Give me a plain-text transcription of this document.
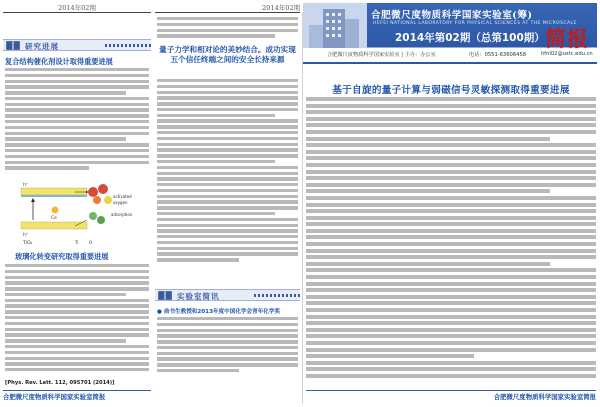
2014年02期
研究进展
复合结构催化剂设计取得重要进展
h⁺
h⁺
Ce
activated
oxygen
adsorption
TiO₂	Ti	O
玻璃化转变研究取得重要进展
[Phys. Rev. Lett. 112, 095701 (2014)]
合肥微尺度物质科学国家实验室简报
2014年02期
量子力学和相对论的美妙结合。成功实现五个信任终端之间的安全长持来源
实验室简讯
● 俞书生教授和2013年度中国化学会青年化学奖
合肥微尺度物质科学国家实验室(筹)
HEFEI NATIONAL LABORATORY FOR PHYSICAL SCIENCES AT THE MICROSCALE
2014年第02期（总第100期） 简报
合肥微尺度物质科学国家实验室 | 主办：办公室	电话：0551-63606458	hfnl02@ustc.edu.cn
基于自旋的量子计算与弱磁信号灵敏探测取得重要进展
合肥微尺度物质科学国家实验室简报
